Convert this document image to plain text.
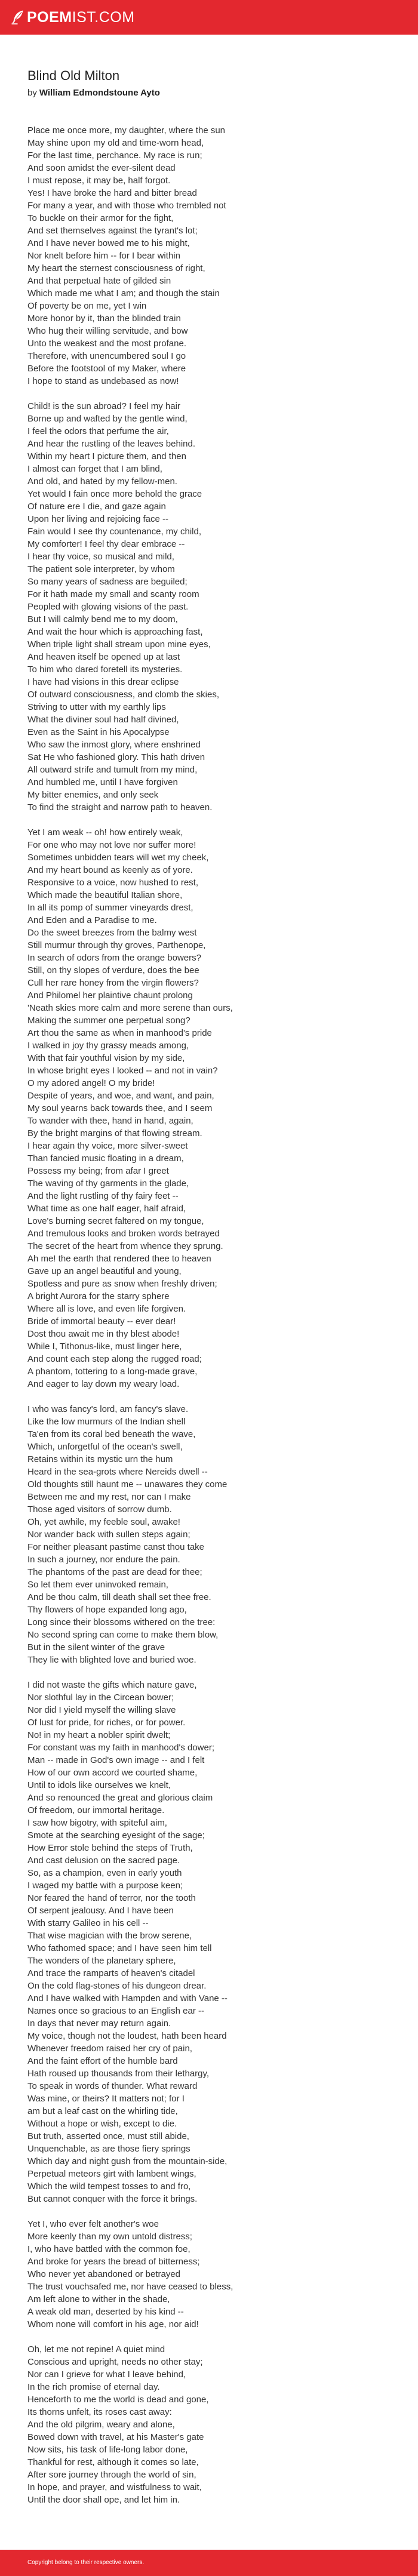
POEM IST.COM
Blind Old Milton
by William Edmondstoune Ayto
Place me once more, my daughter, where the sun
May shine upon my old and time-worn head,
For the last time, perchance. My race is run;
And soon amidst the ever-silent dead
I must repose, it may be, half forgot.
Yes! I have broke the hard and bitter bread
For many a year, and with those who trembled not
To buckle on their armor for the fight,
And set themselves against the tyrant's lot;
And I have never bowed me to his might,
Nor knelt before him -- for I bear within
My heart the sternest consciousness of right,
And that perpetual hate of gilded sin
Which made me what I am; and though the stain
Of poverty be on me, yet I win
More honor by it, than the blinded train
Who hug their willing servitude, and bow
Unto the weakest and the most profane.
Therefore, with unencumbered soul I go
Before the footstool of my Maker, where
I hope to stand as undebased as now!
Child! is the sun abroad? I feel my hair
Borne up and wafted by the gentle wind,
I feel the odors that perfume the air,
And hear the rustling of the leaves behind.
Within my heart I picture them, and then
I almost can forget that I am blind,
And old, and hated by my fellow-men.
Yet would I fain once more behold the grace
Of nature ere I die, and gaze again
Upon her living and rejoicing face --
Fain would I see thy countenance, my child,
My comforter! I feel thy dear embrace --
I hear thy voice, so musical and mild,
The patient sole interpreter, by whom
So many years of sadness are beguiled;
For it hath made my small and scanty room
Peopled with glowing visions of the past.
But I will calmly bend me to my doom,
And wait the hour which is approaching fast,
When triple light shall stream upon mine eyes,
And heaven itself be opened up at last
To him who dared foretell its mysteries.
I have had visions in this drear eclipse
Of outward consciousness, and clomb the skies,
Striving to utter with my earthly lips
What the diviner soul had half divined,
Even as the Saint in his Apocalypse
Who saw the inmost glory, where enshrined
Sat He who fashioned glory. This hath driven
All outward strife and tumult from my mind,
And humbled me, until I have forgiven
My bitter enemies, and only seek
To find the straight and narrow path to heaven.
Yet I am weak -- oh! how entirely weak,
For one who may not love nor suffer more!
Sometimes unbidden tears will wet my cheek,
And my heart bound as keenly as of yore.
Responsive to a voice, now hushed to rest,
Which made the beautiful Italian shore,
In all its pomp of summer vineyards drest,
And Eden and a Paradise to me.
Do the sweet breezes from the balmy west
Still murmur through thy groves, Parthenope,
In search of odors from the orange bowers?
Still, on thy slopes of verdure, does the bee
Cull her rare honey from the virgin flowers?
And Philomel her plaintive chaunt prolong
'Neath skies more calm and more serene than ours,
Making the summer one perpetual song?
Art thou the same as when in manhood's pride
I walked in joy thy grassy meads among,
With that fair youthful vision by my side,
In whose bright eyes I looked -- and not in vain?
O my adored angel! O my bride!
Despite of years, and woe, and want, and pain,
My soul yearns back towards thee, and I seem
To wander with thee, hand in hand, again,
By the bright margins of that flowing stream.
I hear again thy voice, more silver-sweet
Than fancied music floating in a dream,
Possess my being; from afar I greet
The waving of thy garments in the glade,
And the light rustling of thy fairy feet --
What time as one half eager, half afraid,
Love's burning secret faltered on my tongue,
And tremulous looks and broken words betrayed
The secret of the heart from whence they sprung.
Ah me! the earth that rendered thee to heaven
Gave up an angel beautiful and young,
Spotless and pure as snow when freshly driven;
A bright Aurora for the starry sphere
Where all is love, and even life forgiven.
Bride of immortal beauty -- ever dear!
Dost thou await me in thy blest abode!
While I, Tithonus-like, must linger here,
And count each step along the rugged road;
A phantom, tottering to a long-made grave,
And eager to lay down my weary load.
I who was fancy's lord, am fancy's slave.
Like the low murmurs of the Indian shell
Ta'en from its coral bed beneath the wave,
Which, unforgetful of the ocean's swell,
Retains within its mystic urn the hum
Heard in the sea-grots where Nereids dwell --
Old thoughts still haunt me -- unawares they come
Between me and my rest, nor can I make
Those aged visitors of sorrow dumb.
Oh, yet awhile, my feeble soul, awake!
Nor wander back with sullen steps again;
For neither pleasant pastime canst thou take
In such a journey, nor endure the pain.
The phantoms of the past are dead for thee;
So let them ever uninvoked remain,
And be thou calm, till death shall set thee free.
Thy flowers of hope expanded long ago,
Long since their blossoms withered on the tree:
No second spring can come to make them blow,
But in the silent winter of the grave
They lie with blighted love and buried woe.
I did not waste the gifts which nature gave,
Nor slothful lay in the Circean bower;
Nor did I yield myself the willing slave
Of lust for pride, for riches, or for power.
No! in my heart a nobler spirit dwelt;
For constant was my faith in manhood's dower;
Man -- made in God's own image -- and I felt
How of our own accord we courted shame,
Until to idols like ourselves we knelt,
And so renounced the great and glorious claim
Of freedom, our immortal heritage.
I saw how bigotry, with spiteful aim,
Smote at the searching eyesight of the sage;
How Error stole behind the steps of Truth,
And cast delusion on the sacred page.
So, as a champion, even in early youth
I waged my battle with a purpose keen;
Nor feared the hand of terror, nor the tooth
Of serpent jealousy. And I have been
With starry Galileo in his cell --
That wise magician with the brow serene,
Who fathomed space; and I have seen him tell
The wonders of the planetary sphere,
And trace the ramparts of heaven's citadel
On the cold flag-stones of his dungeon drear.
And I have walked with Hampden and with Vane --
Names once so gracious to an English ear --
In days that never may return again.
My voice, though not the loudest, hath been heard
Whenever freedom raised her cry of pain,
And the faint effort of the humble bard
Hath roused up thousands from their lethargy,
To speak in words of thunder. What reward
Was mine, or theirs? It matters not; for I
am but a leaf cast on the whirling tide,
Without a hope or wish, except to die.
But truth, asserted once, must still abide,
Unquenchable, as are those fiery springs
Which day and night gush from the mountain-side,
Perpetual meteors girt with lambent wings,
Which the wild tempest tosses to and fro,
But cannot conquer with the force it brings.
Yet I, who ever felt another's woe
More keenly than my own untold distress;
I, who have battled with the common foe,
And broke for years the bread of bitterness;
Who never yet abandoned or betrayed
The trust vouchsafed me, nor have ceased to bless,
Am left alone to wither in the shade,
A weak old man, deserted by his kind --
Whom none will comfort in his age, nor aid!
Oh, let me not repine! A quiet mind
Conscious and upright, needs no other stay;
Nor can I grieve for what I leave behind,
In the rich promise of eternal day.
Henceforth to me the world is dead and gone,
Its thorns unfelt, its roses cast away:
And the old pilgrim, weary and alone,
Bowed down with travel, at his Master's gate
Now sits, his task of life-long labor done,
Thankful for rest, although it comes so late,
After sore journey through the world of sin,
In hope, and prayer, and wistfulness to wait,
Until the door shall ope, and let him in.
Copyright belong to their respective owners.
